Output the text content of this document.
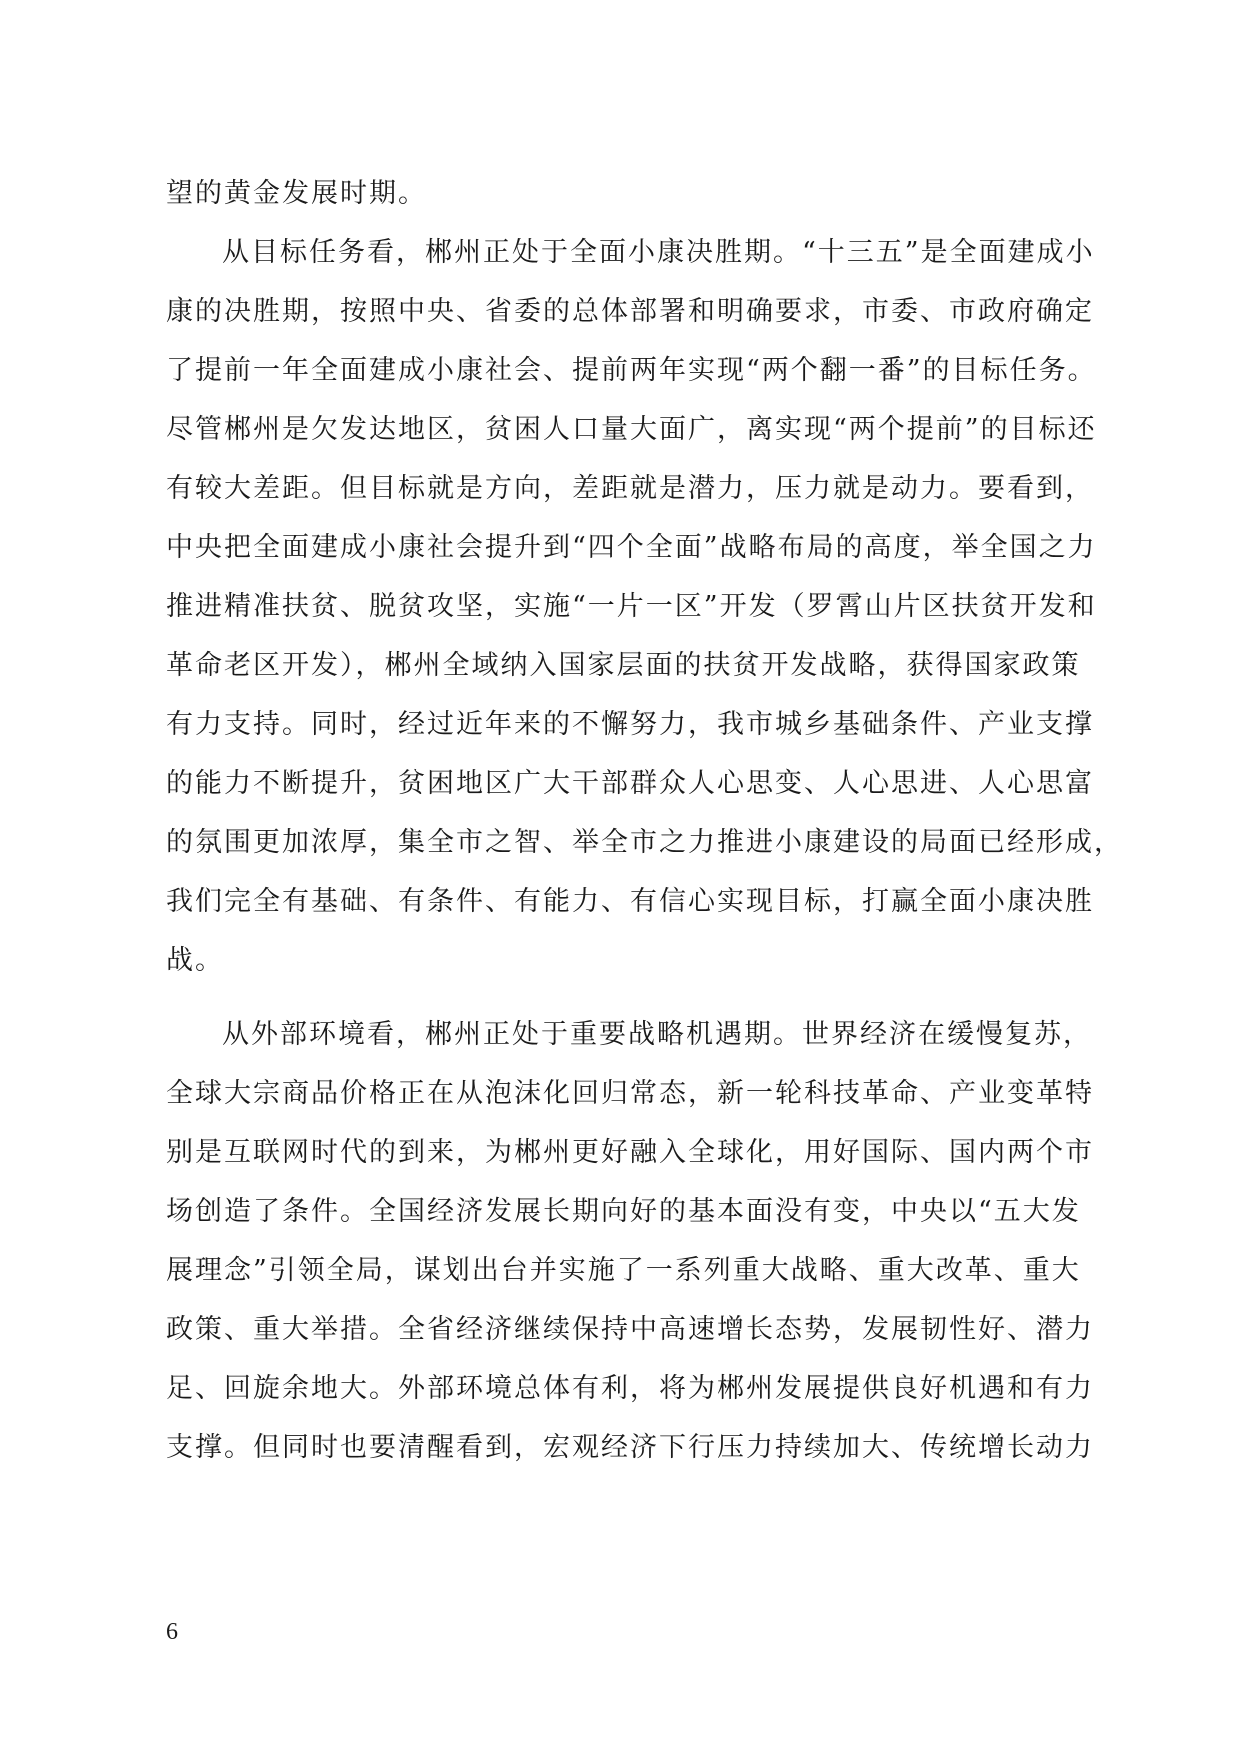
望的黄金发展时期。
从目标任务看，郴州正处于全面小康决胜期。“十三五”是全面建成小
康的决胜期，按照中央、省委的总体部署和明确要求，市委、市政府确定
了提前一年全面建成小康社会、提前两年实现“两个翻一番”的目标任务。
尽管郴州是欠发达地区，贫困人口量大面广，离实现“两个提前”的目标还
有较大差距。但目标就是方向，差距就是潜力，压力就是动力。要看到，
中央把全面建成小康社会提升到“四个全面”战略布局的高度，举全国之力
推进精准扶贫、脱贫攻坚，实施“一片一区”开发（罗霄山片区扶贫开发和
革命老区开发），郴州全域纳入国家层面的扶贫开发战略，获得国家政策
有力支持。同时，经过近年来的不懈努力，我市城乡基础条件、产业支撑
的能力不断提升，贫困地区广大干部群众人心思变、人心思进、人心思富
的氛围更加浓厚，集全市之智、举全市之力推进小康建设的局面已经形成，
我们完全有基础、有条件、有能力、有信心实现目标，打赢全面小康决胜
战。
从外部环境看，郴州正处于重要战略机遇期。世界经济在缓慢复苏，
全球大宗商品价格正在从泡沫化回归常态，新一轮科技革命、产业变革特
别是互联网时代的到来，为郴州更好融入全球化，用好国际、国内两个市
场创造了条件。全国经济发展长期向好的基本面没有变，中央以“五大发
展理念”引领全局，谋划出台并实施了一系列重大战略、重大改革、重大
政策、重大举措。全省经济继续保持中高速增长态势，发展韧性好、潜力
足、回旋余地大。外部环境总体有利，将为郴州发展提供良好机遇和有力
支撑。但同时也要清醒看到，宏观经济下行压力持续加大、传统增长动力
6
